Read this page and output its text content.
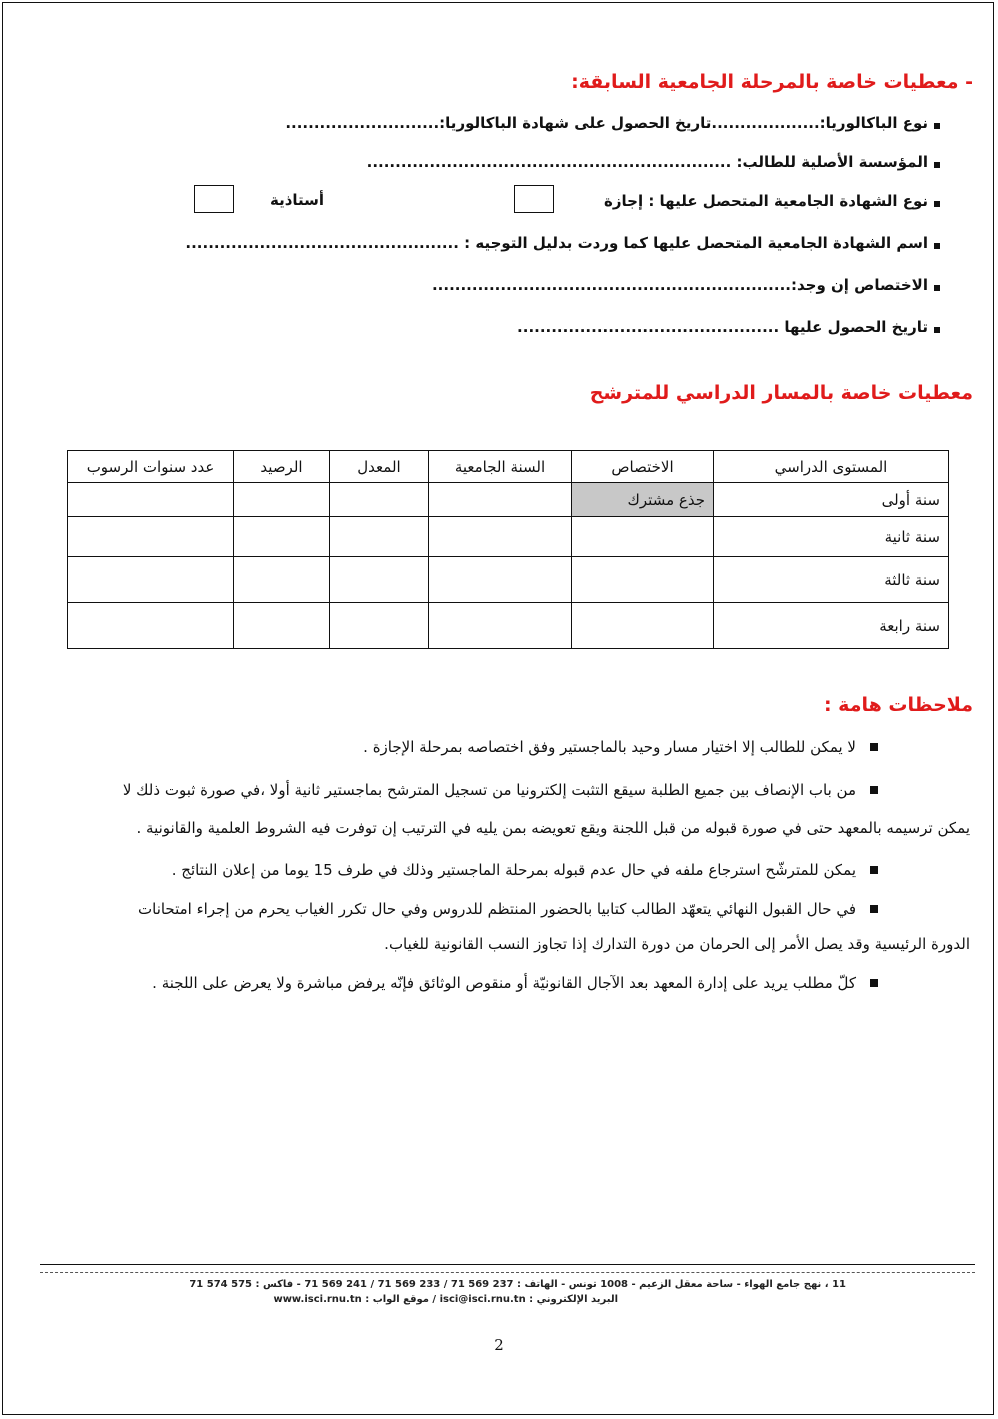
- معطيات خاصة بالمرحلة الجامعية السابقة:
نوع الباكالوريا:...................تاريخ الحصول على شهادة الباكالوريا:...........................
المؤسسة الأصلية للطالب: ................................................................
نوع الشهادة الجامعية المتحصل عليها : إجازة
أستاذية
اسم الشهادة الجامعية المتحصل عليها كما وردت بدليل التوجيه : ................................................
الاختصاص إن وجد:...............................................................
تاريخ الحصول عليها ..............................................
معطيات خاصة بالمسار الدراسي للمترشح
المستوى الدراسي	الاختصاص	السنة الجامعية	المعدل	الرصيد	عدد سنوات الرسوب
سنة أولى	جذع مشترك				
سنة ثانية					
سنة ثالثة					
سنة رابعة					
ملاحظات هامة :
لا يمكن للطالب إلا اختيار مسار وحيد بالماجستير وفق اختصاصه بمرحلة الإجازة .
من باب الإنصاف بين جميع الطلبة سيقع التثبت إلكترونيا من تسجيل المترشح بماجستير ثانية أولا ،في صورة ثبوت ذلك لا
يمكن ترسيمه بالمعهد حتى في صورة قبوله من قبل اللجنة ويقع تعويضه بمن يليه في الترتيب إن توفرت فيه الشروط العلمية والقانونية .
يمكن للمترشّح استرجاع ملفه في حال عدم قبوله بمرحلة الماجستير وذلك في طرف 15 يوما من إعلان النتائج .
في حال القبول النهائي يتعهّد الطالب كتابيا بالحضور المنتظم للدروس وفي حال تكرر الغياب يحرم من إجراء امتحانات
الدورة الرئيسية وقد يصل الأمر إلى الحرمان من دورة التدارك إذا تجاوز النسب القانونية للغياب.
كلّ مطلب يريد على إدارة المعهد بعد الآجال القانونيّة أو منقوص الوثائق فإنّه يرفض مباشرة ولا يعرض على اللجنة .
11 ، نهج جامع الهواء - ساحة معقل الزعيم - 1008 تونس - الهاتف : 237 569 71 / 233 569 71 / 241 569 71 - فاكس : 575 574 71
البريد الإلكتروني : isci@isci.rnu.tn / موقع الواب : www.isci.rnu.tn
2
